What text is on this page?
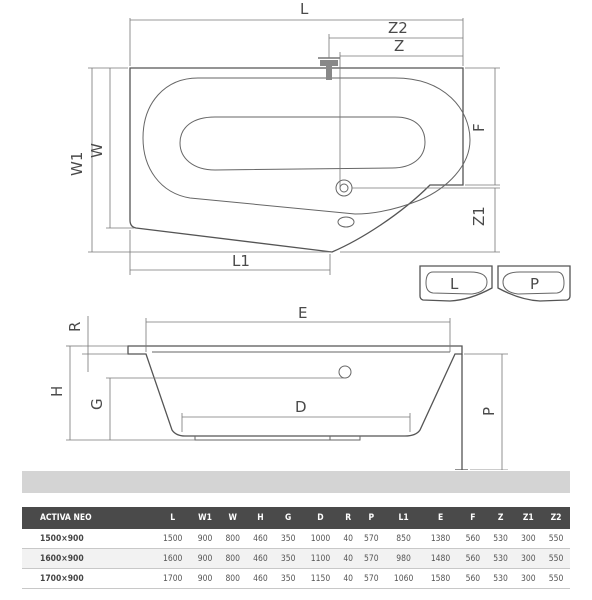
L
Z2
Z
F
Z1
W1
W
L1
L	P
E
R
H
G	D	P
ACTIVA NEO	L	W1	W	H	G	D	R	P	L1	E	F	Z	Z1	Z2
1500×900	1500	900	800	460	350	1000	40	570	850	1380	560	530	300	550
1600×900	1600	900	800	460	350	1100	40	570	980	1480	560	530	300	550
1700×900	1700	900	800	460	350	1150	40	570	1060	1580	560	530	300	550
